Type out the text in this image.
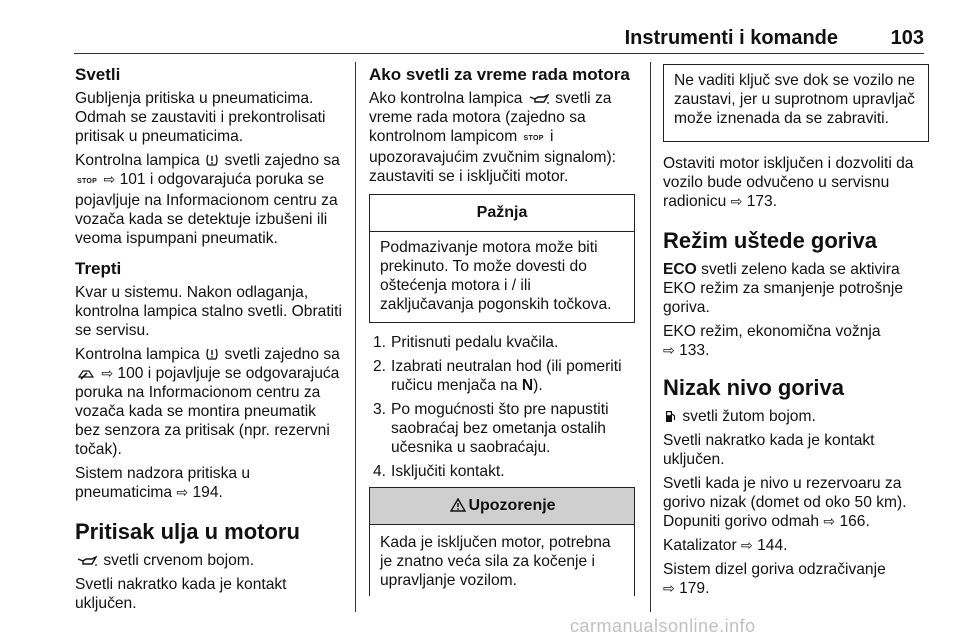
Instrumenti i komande	103
Svetli

Gubljenja pritiska u pneumaticima. Odmah se zaustaviti i prekontrolisati pritisak u pneumaticima.

Kontrolna lampica svetli zajedno sa STOP ⇨ 101 i odgovarajuća poruka se pojavljuje na Informacionom centru za vozača kada se detektuje izbušeni ili veoma ispumpani pneumatik.

Trepti

Kvar u sistemu. Nakon odlaganja, kontrolna lampica stalno svetli. Obratiti se servisu.

Kontrolna lampica svetli zajedno sa  ⇨ 100 i pojavljuje se odgovarajuća poruka na Informacionom centru za vozača kada se montira pneumatik bez senzora za pritisak (npr. rezervni točak).

Sistem nadzora pritiska u pneumaticima ⇨ 194.

Pritisak ulja u motoru

svetli crvenom bojom.

Svetli nakratko kada je kontakt uključen.

Ako svetli za vreme rada motora

Ako kontrolna lampica svetli za vreme rada motora (zajedno sa kontrolnom lampicom STOP i upozoravajućim zvučnim signalom): zaustaviti se i isključiti motor.

Pažnja

Podmazivanje motora može biti prekinuto. To može dovesti do oštećenja motora i / ili zaključavanja pogonskih točkova.

1. Pritisnuti pedalu kvačila.
2. Izabrati neutralan hod (ili pomeriti ručicu menjača na N).
3. Po mogućnosti što pre napustiti saobraćaj bez ometanja ostalih učesnika u saobraćaju.
4. Isključiti kontakt.
Upozorenje

Kada je isključen motor, potrebna je znatno veća sila za kočenje i upravljanje vozilom.

Ne vaditi ključ sve dok se vozilo ne zaustavi, jer u suprotnom upravljač može iznenada da se zabraviti.

Ostaviti motor isključen i dozvoliti da vozilo bude odvučeno u servisnu radionicu ⇨ 173.

Režim uštede goriva

ECO svetli zeleno kada se aktivira EKO režim za smanjenje potrošnje goriva.

EKO režim, ekonomična vožnja
⇨ 133.

Nizak nivo goriva

svetli žutom bojom.

Svetli nakratko kada je kontakt uključen.

Svetli kada je nivo u rezervoaru za gorivo nizak (domet od oko 50 km). Dopuniti gorivo odmah ⇨ 166.

Katalizator ⇨ 144.

Sistem dizel goriva odzračivanje
⇨ 179.

carmanualsonline.info
